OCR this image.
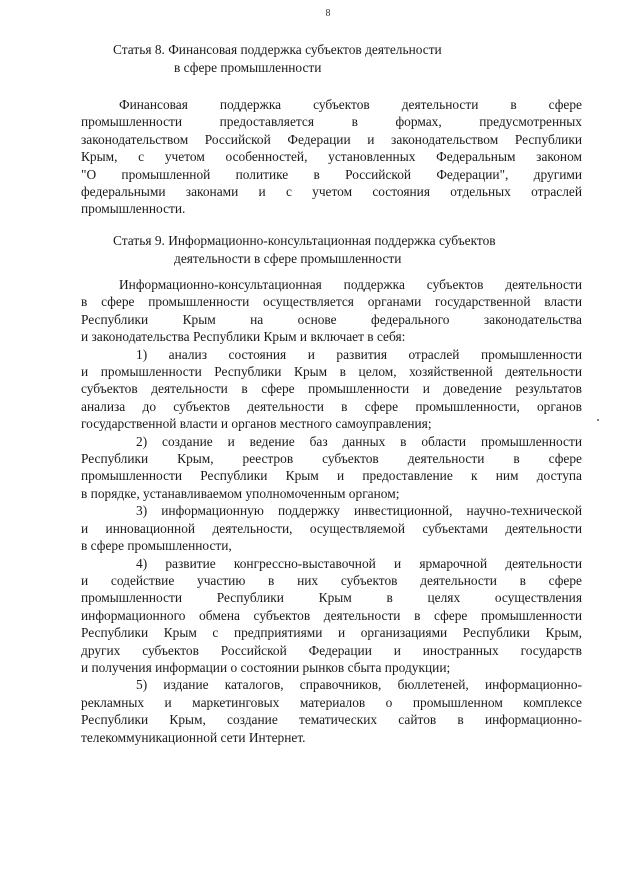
8
Статья 8. Финансовая поддержка субъектов деятельности
в сфере промышленности
Финансовая поддержка субъектов деятельности в сфере
промышленности предоставляется в формах, предусмотренных
законодательством Российской Федерации и законодательством Республики
Крым, с учетом особенностей, установленных Федеральным законом
"О промышленной политике в Российской Федерации", другими
федеральными законами и с учетом состояния отдельных отраслей
промышленности.
Статья 9. Информационно-консультационная поддержка субъектов
деятельности в сфере промышленности
Информационно-консультационная поддержка субъектов деятельности
в сфере промышленности осуществляется органами государственной власти
Республики Крым на основе федерального законодательства
и законодательства Республики Крым и включает в себя:
1) анализ состояния и развития отраслей промышленности
и промышленности Республики Крым в целом, хозяйственной деятельности
субъектов деятельности в сфере промышленности и доведение результатов
анализа до субъектов деятельности в сфере промышленности, органов
государственной власти и органов местного самоуправления;
2) создание и ведение баз данных в области промышленности
Республики Крым, реестров субъектов деятельности в сфере
промышленности Республики Крым и предоставление к ним доступа
в порядке, устанавливаемом уполномоченным органом;
3) информационную поддержку инвестиционной, научно-технической
и инновационной деятельности, осуществляемой субъектами деятельности
в сфере промышленности,
4) развитие конгрессно-выставочной и ярмарочной деятельности
и содействие участию в них субъектов деятельности в сфере
промышленности Республики Крым в целях осуществления
информационного обмена субъектов деятельности в сфере промышленности
Республики Крым с предприятиями и организациями Республики Крым,
других субъектов Российской Федерации и иностранных государств
и получения информации о состоянии рынков сбыта продукции;
5) издание каталогов, справочников, бюллетеней, информационно-
рекламных и маркетинговых материалов о промышленном комплексе
Республики Крым, создание тематических сайтов в информационно-
телекоммуникационной сети Интернет.
